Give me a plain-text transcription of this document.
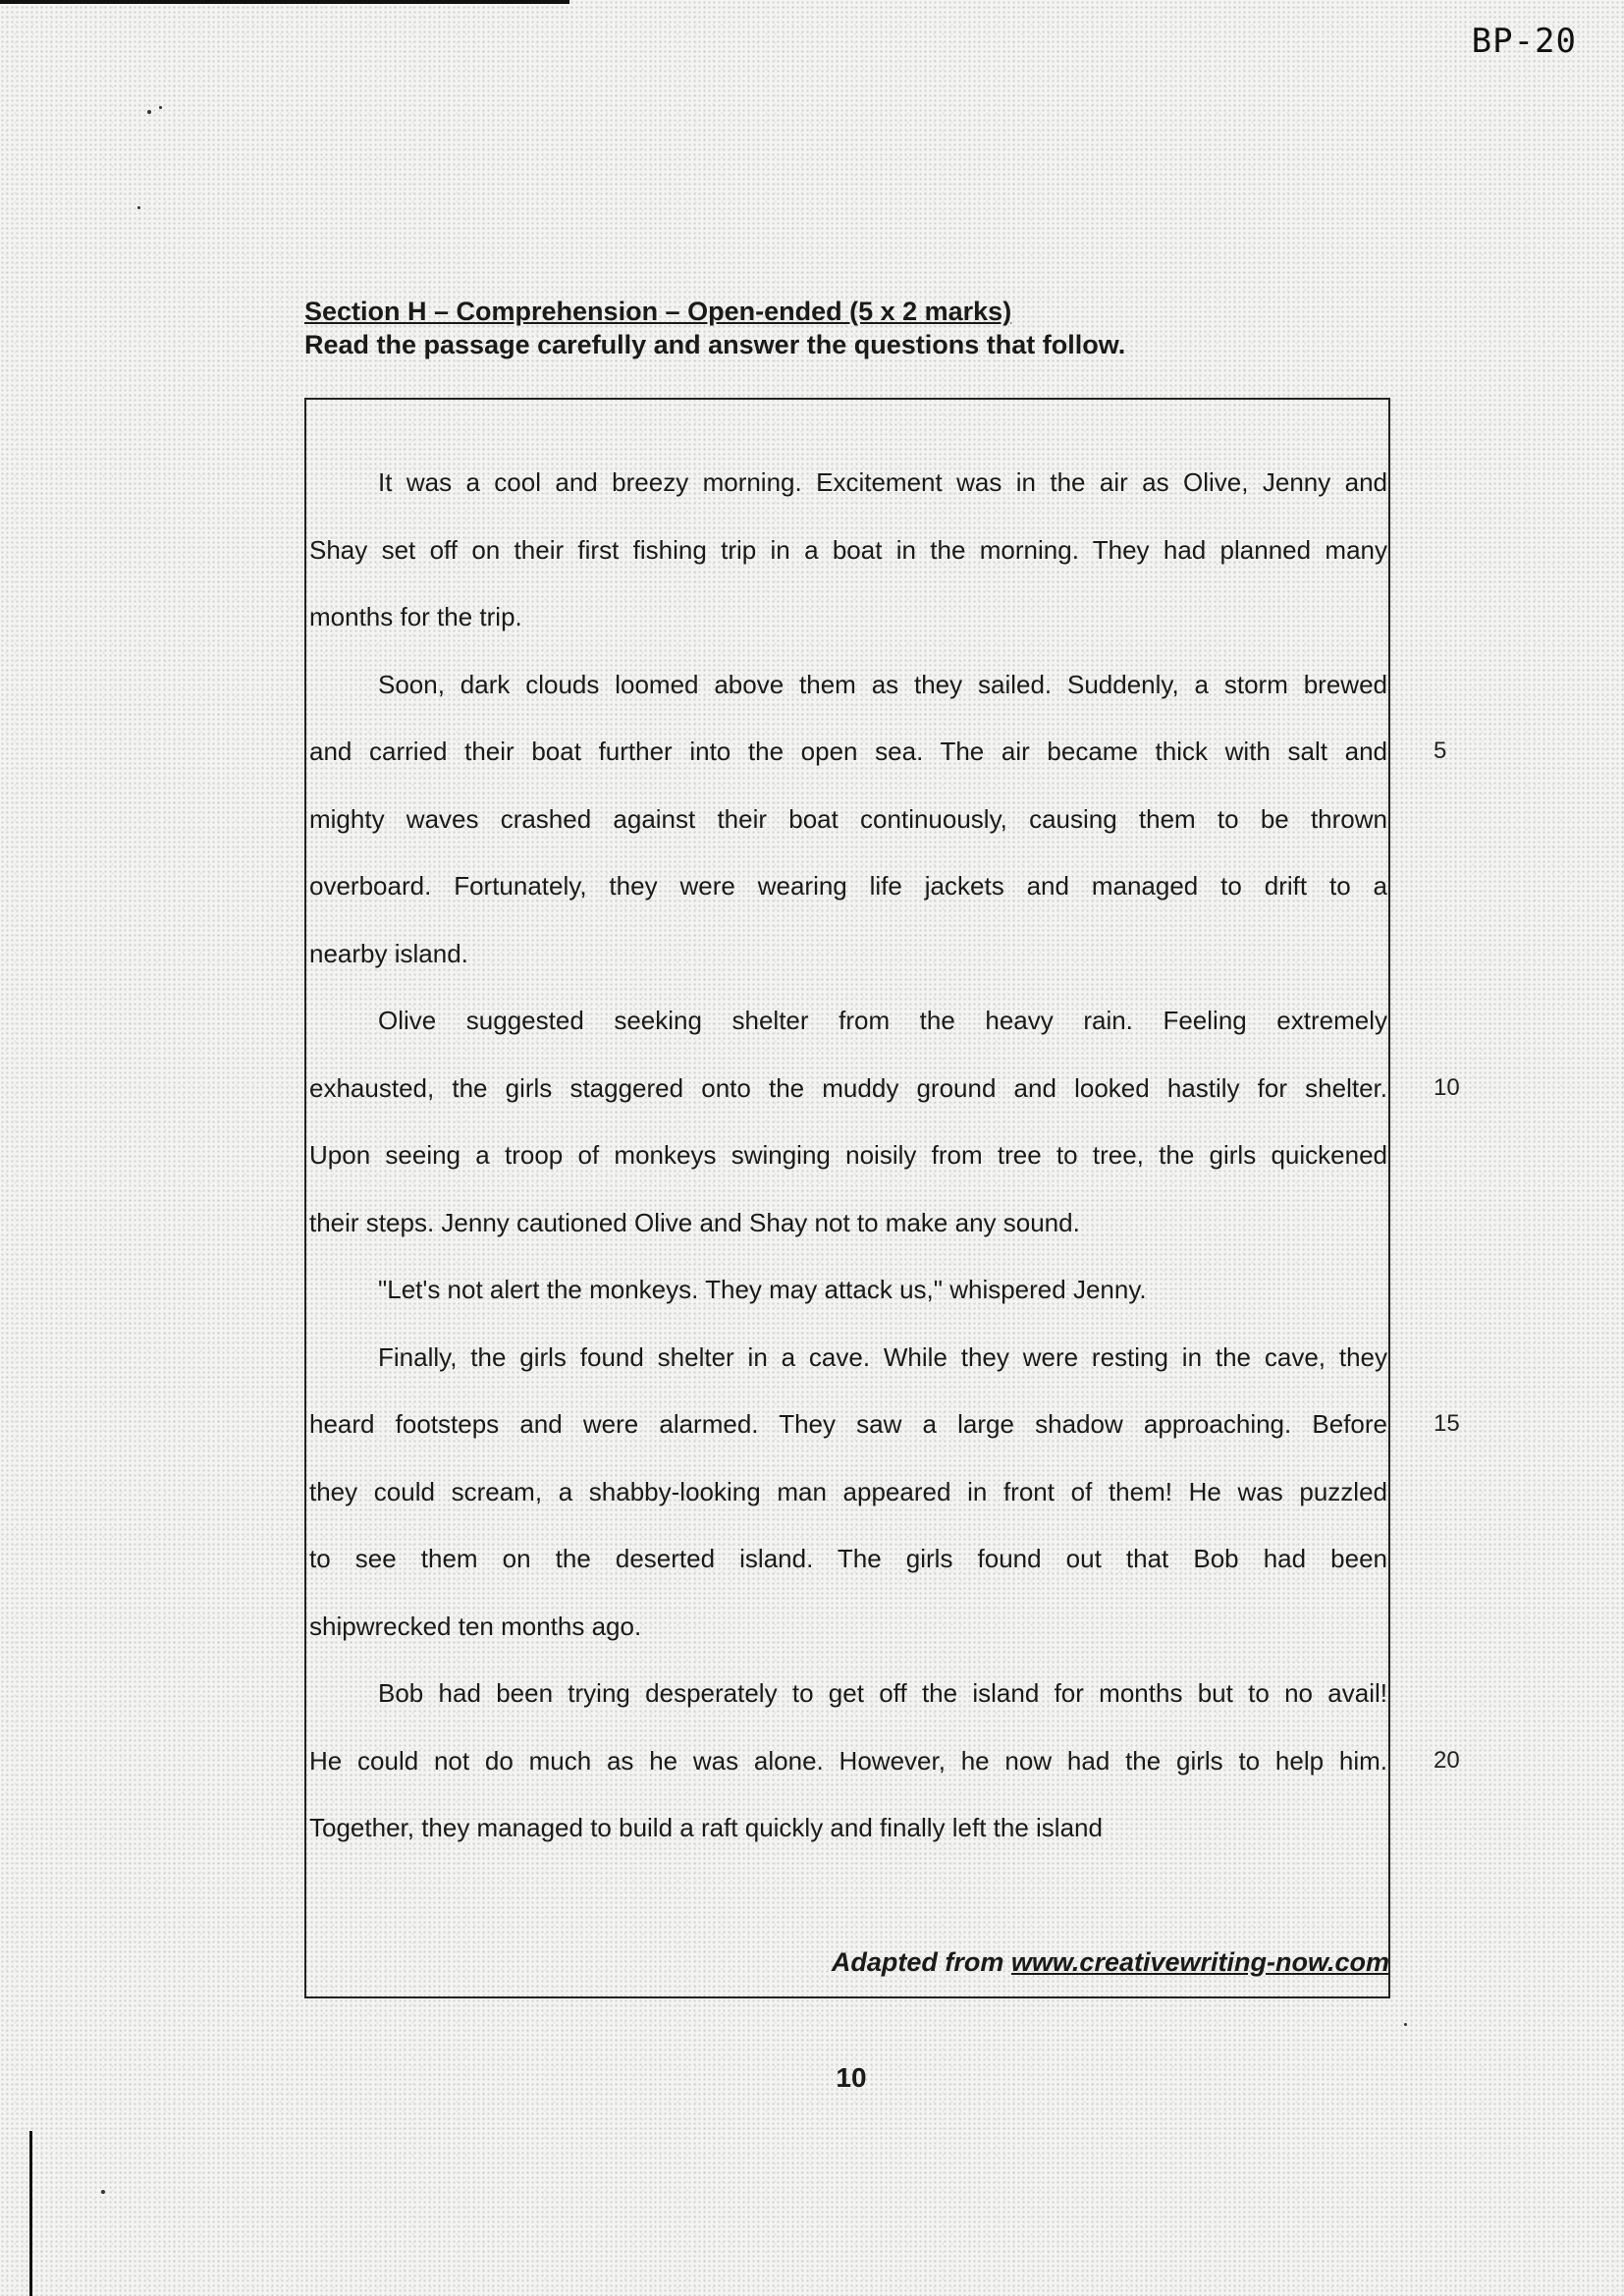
BP-20
Section H – Comprehension – Open-ended (5 x 2 marks)
Read the passage carefully and answer the questions that follow.
It was a cool and breezy morning. Excitement was in the air as Olive, Jenny and
Shay set off on their first fishing trip in a boat in the morning. They had planned many
months for the trip.
Soon, dark clouds loomed above them as they sailed. Suddenly, a storm brewed
and carried their boat further into the open sea. The air became thick with salt and 5
mighty waves crashed against their boat continuously, causing them to be thrown
overboard. Fortunately, they were wearing life jackets and managed to drift to a
nearby island.
Olive suggested seeking shelter from the heavy rain. Feeling extremely
exhausted, the girls staggered onto the muddy ground and looked hastily for shelter. 10
Upon seeing a troop of monkeys swinging noisily from tree to tree, the girls quickened
their steps. Jenny cautioned Olive and Shay not to make any sound.
"Let's not alert the monkeys. They may attack us," whispered Jenny.
Finally, the girls found shelter in a cave. While they were resting in the cave, they
heard footsteps and were alarmed. They saw a large shadow approaching. Before 15
they could scream, a shabby-looking man appeared in front of them! He was puzzled
to see them on the deserted island. The girls found out that Bob had been
shipwrecked ten months ago.
Bob had been trying desperately to get off the island for months but to no avail!
He could not do much as he was alone. However, he now had the girls to help him. 20
Together, they managed to build a raft quickly and finally left the island
Adapted from www.creativewriting-now.com
10
